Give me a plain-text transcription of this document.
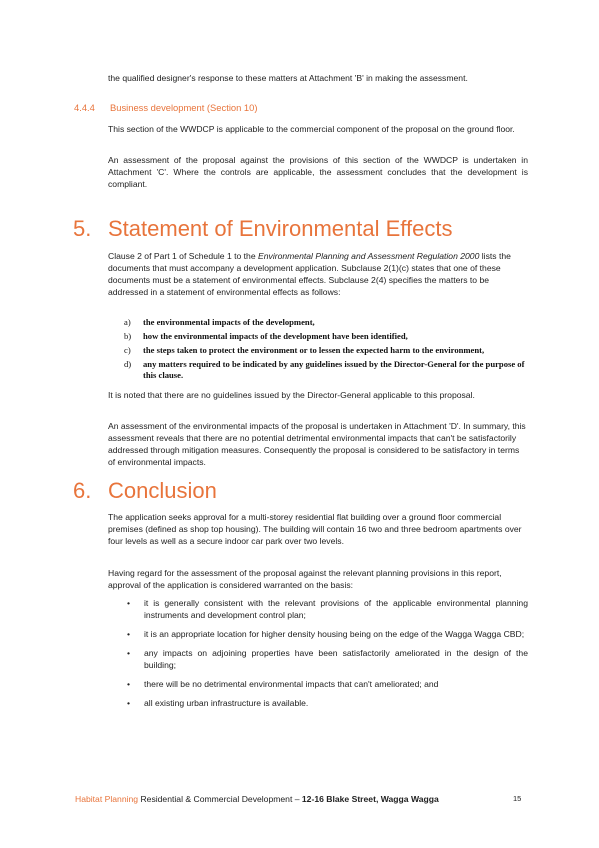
the qualified designer's response to these matters at Attachment 'B' in making the assessment.

4.4.4 Business development (Section 10)

This section of the WWDCP is applicable to the commercial component of the proposal on the ground floor.

An assessment of the proposal against the provisions of this section of the WWDCP is undertaken in Attachment 'C'. Where the controls are applicable, the assessment concludes that the development is compliant.

5. Statement of Environmental Effects

Clause 2 of Part 1 of Schedule 1 to the Environmental Planning and Assessment Regulation 2000 lists the documents that must accompany a development application. Subclause 2(1)(c) states that one of these documents must be a statement of environmental effects. Subclause 2(4) specifies the matters to be addressed in a statement of environmental effects as follows:

a) the environmental impacts of the development,
b) how the environmental impacts of the development have been identified,
c) the steps taken to protect the environment or to lessen the expected harm to the environment,
d) any matters required to be indicated by any guidelines issued by the Director-General for the purpose of this clause.

It is noted that there are no guidelines issued by the Director-General applicable to this proposal.

An assessment of the environmental impacts of the proposal is undertaken in Attachment 'D'. In summary, this assessment reveals that there are no potential detrimental environmental impacts that can't be satisfactorily addressed through mitigation measures. Consequently the proposal is considered to be satisfactory in terms of environmental impacts.

6. Conclusion

The application seeks approval for a multi-storey residential flat building over a ground floor commercial premises (defined as shop top housing). The building will contain 16 two and three bedroom apartments over four levels as well as a secure indoor car park over two levels.

Having regard for the assessment of the proposal against the relevant planning provisions in this report, approval of the application is considered warranted on the basis:

• it is generally consistent with the relevant provisions of the applicable environmental planning instruments and development control plan;
• it is an appropriate location for higher density housing being on the edge of the Wagga Wagga CBD;
• any impacts on adjoining properties have been satisfactorily ameliorated in the design of the building;
• there will be no detrimental environmental impacts that can't ameliorated; and
• all existing urban infrastructure is available.
Habitat Planning Residential & Commercial Development – 12-16 Blake Street, Wagga Wagga	15
